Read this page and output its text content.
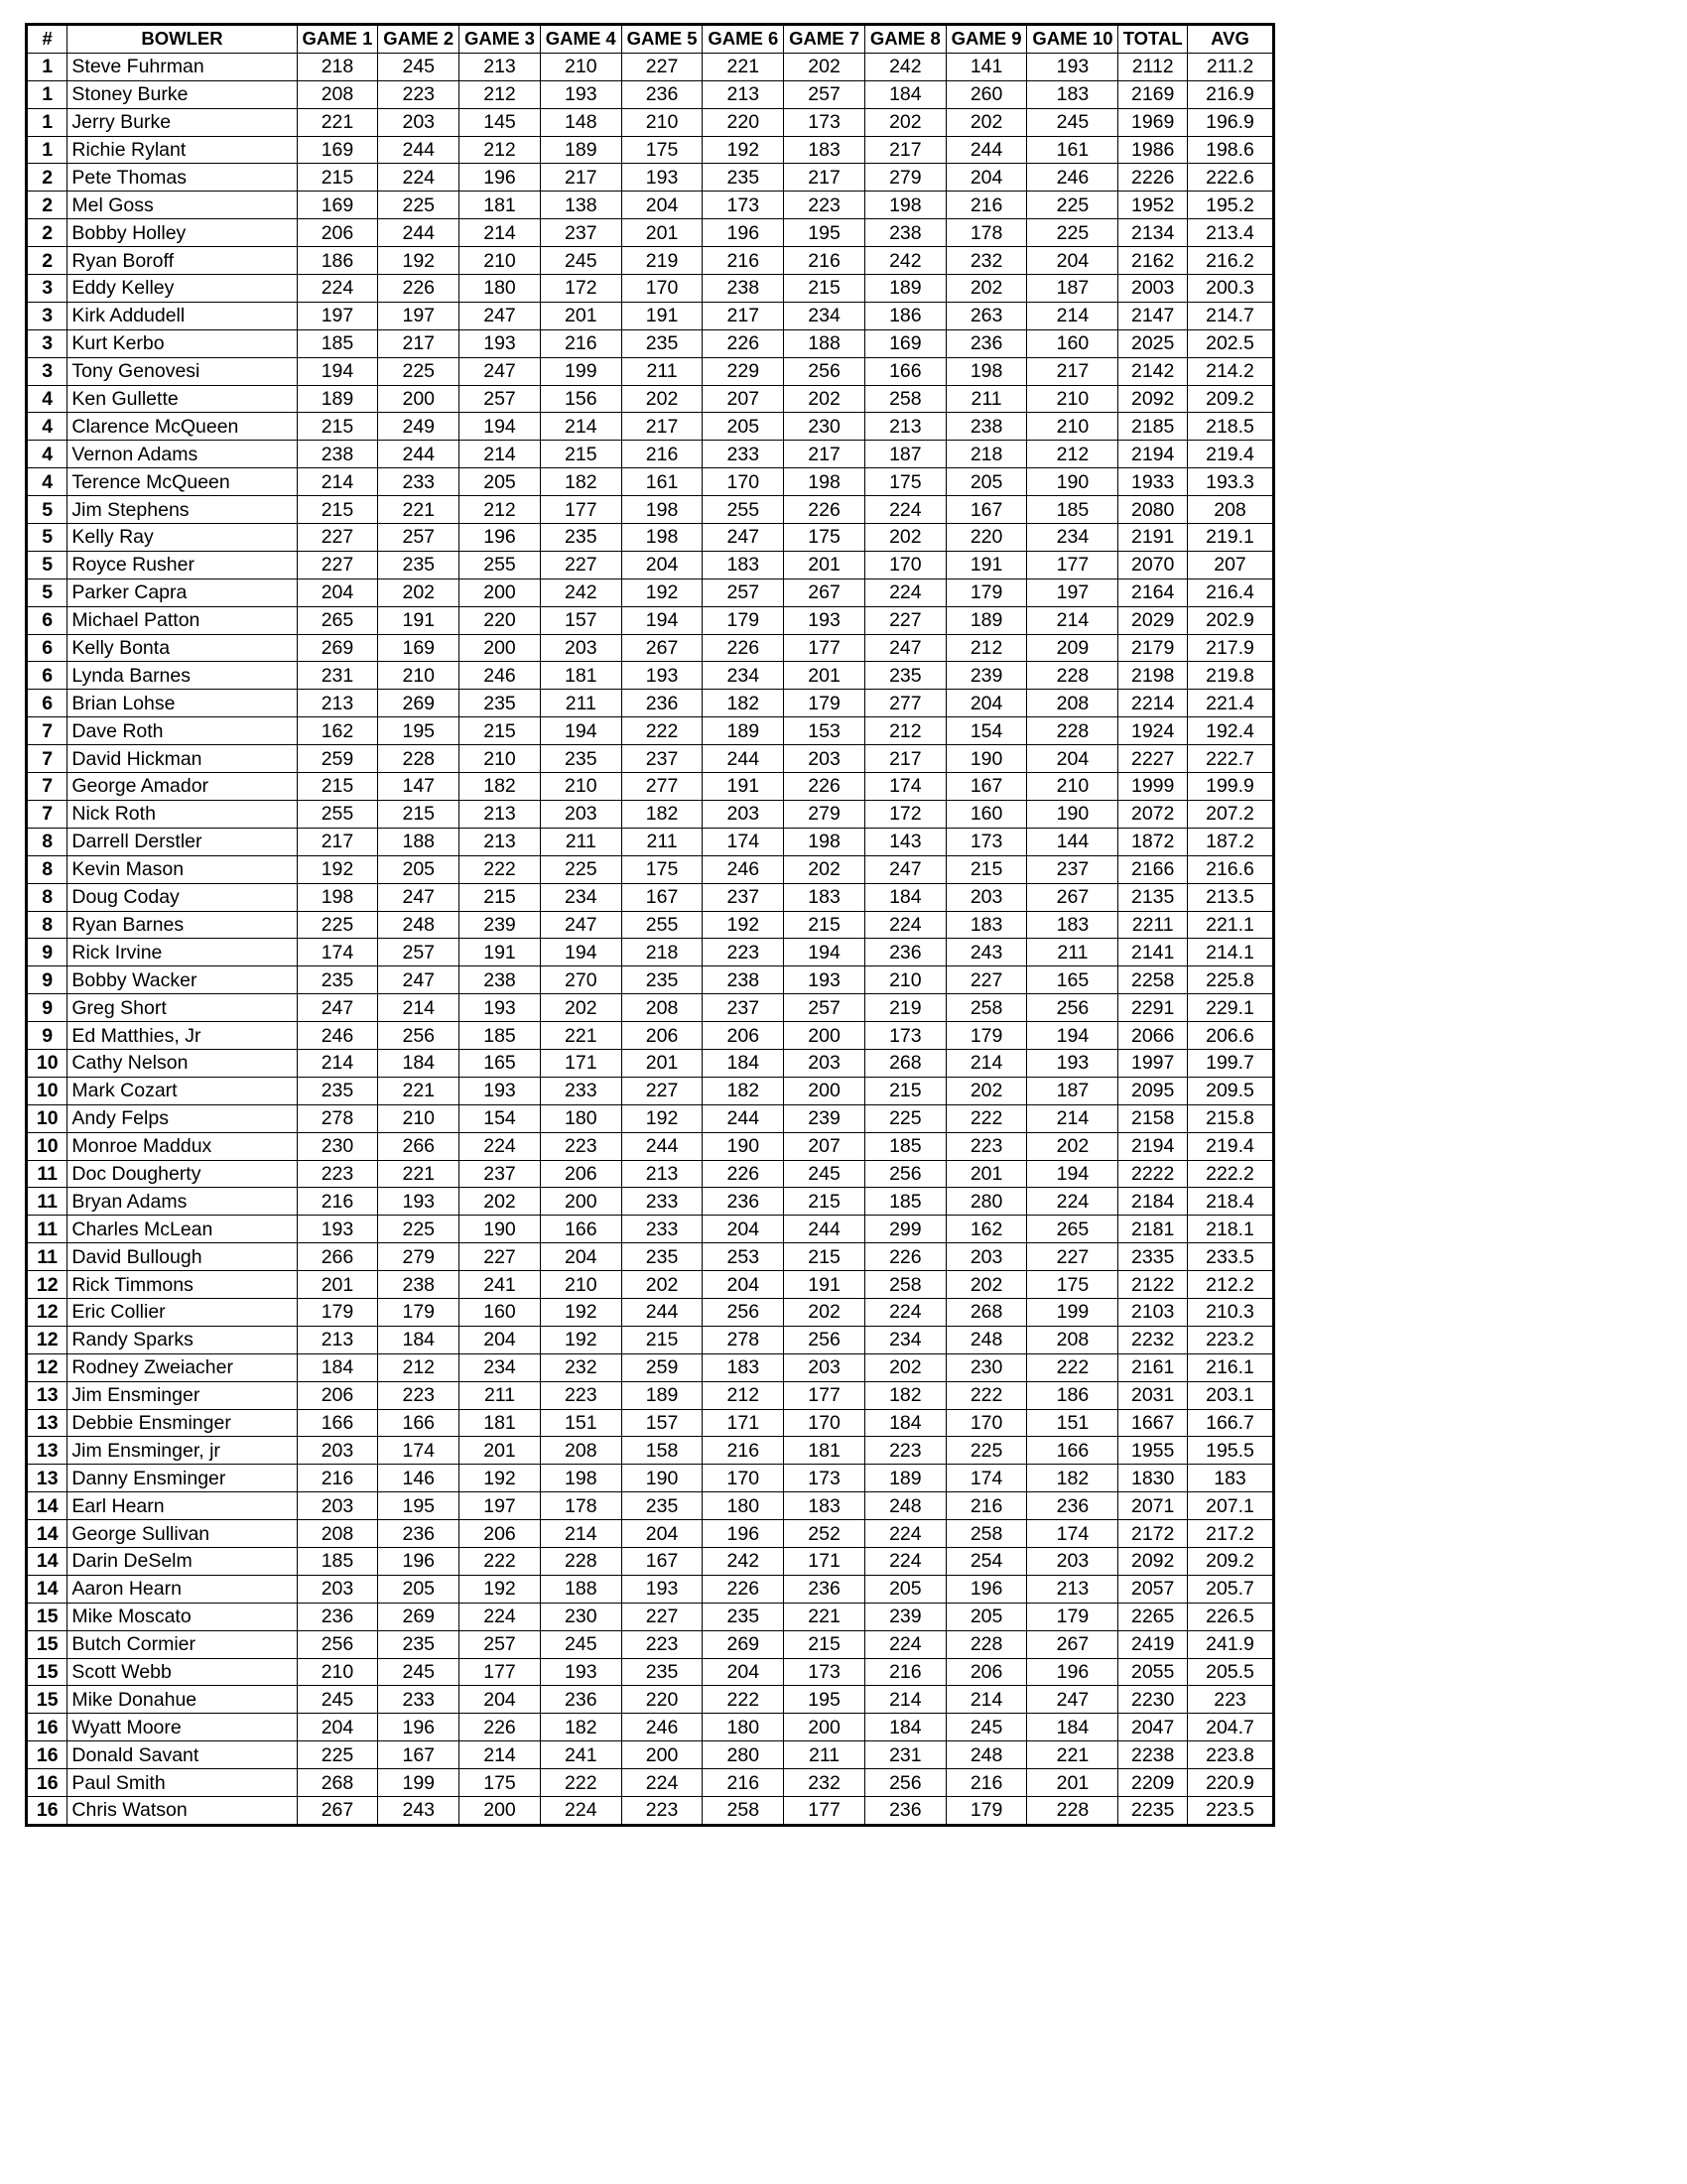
#	BOWLER	GAME 1	GAME 2	GAME 3	GAME 4	GAME 5	GAME 6	GAME 7	GAME 8	GAME 9	GAME 10	TOTAL	AVG
1	Steve Fuhrman	218	245	213	210	227	221	202	242	141	193	2112	211.2
1	Stoney Burke	208	223	212	193	236	213	257	184	260	183	2169	216.9
1	Jerry Burke	221	203	145	148	210	220	173	202	202	245	1969	196.9
1	Richie Rylant	169	244	212	189	175	192	183	217	244	161	1986	198.6
2	Pete Thomas	215	224	196	217	193	235	217	279	204	246	2226	222.6
2	Mel Goss	169	225	181	138	204	173	223	198	216	225	1952	195.2
2	Bobby Holley	206	244	214	237	201	196	195	238	178	225	2134	213.4
2	Ryan Boroff	186	192	210	245	219	216	216	242	232	204	2162	216.2
3	Eddy Kelley	224	226	180	172	170	238	215	189	202	187	2003	200.3
3	Kirk Addudell	197	197	247	201	191	217	234	186	263	214	2147	214.7
3	Kurt Kerbo	185	217	193	216	235	226	188	169	236	160	2025	202.5
3	Tony Genovesi	194	225	247	199	211	229	256	166	198	217	2142	214.2
4	Ken Gullette	189	200	257	156	202	207	202	258	211	210	2092	209.2
4	Clarence McQueen	215	249	194	214	217	205	230	213	238	210	2185	218.5
4	Vernon Adams	238	244	214	215	216	233	217	187	218	212	2194	219.4
4	Terence McQueen	214	233	205	182	161	170	198	175	205	190	1933	193.3
5	Jim Stephens	215	221	212	177	198	255	226	224	167	185	2080	208
5	Kelly Ray	227	257	196	235	198	247	175	202	220	234	2191	219.1
5	Royce Rusher	227	235	255	227	204	183	201	170	191	177	2070	207
5	Parker Capra	204	202	200	242	192	257	267	224	179	197	2164	216.4
6	Michael Patton	265	191	220	157	194	179	193	227	189	214	2029	202.9
6	Kelly Bonta	269	169	200	203	267	226	177	247	212	209	2179	217.9
6	Lynda Barnes	231	210	246	181	193	234	201	235	239	228	2198	219.8
6	Brian Lohse	213	269	235	211	236	182	179	277	204	208	2214	221.4
7	Dave Roth	162	195	215	194	222	189	153	212	154	228	1924	192.4
7	David Hickman	259	228	210	235	237	244	203	217	190	204	2227	222.7
7	George Amador	215	147	182	210	277	191	226	174	167	210	1999	199.9
7	Nick Roth	255	215	213	203	182	203	279	172	160	190	2072	207.2
8	Darrell Derstler	217	188	213	211	211	174	198	143	173	144	1872	187.2
8	Kevin Mason	192	205	222	225	175	246	202	247	215	237	2166	216.6
8	Doug Coday	198	247	215	234	167	237	183	184	203	267	2135	213.5
8	Ryan Barnes	225	248	239	247	255	192	215	224	183	183	2211	221.1
9	Rick Irvine	174	257	191	194	218	223	194	236	243	211	2141	214.1
9	Bobby Wacker	235	247	238	270	235	238	193	210	227	165	2258	225.8
9	Greg Short	247	214	193	202	208	237	257	219	258	256	2291	229.1
9	Ed Matthies, Jr	246	256	185	221	206	206	200	173	179	194	2066	206.6
10	Cathy Nelson	214	184	165	171	201	184	203	268	214	193	1997	199.7
10	Mark Cozart	235	221	193	233	227	182	200	215	202	187	2095	209.5
10	Andy Felps	278	210	154	180	192	244	239	225	222	214	2158	215.8
10	Monroe Maddux	230	266	224	223	244	190	207	185	223	202	2194	219.4
11	Doc Dougherty	223	221	237	206	213	226	245	256	201	194	2222	222.2
11	Bryan Adams	216	193	202	200	233	236	215	185	280	224	2184	218.4
11	Charles McLean	193	225	190	166	233	204	244	299	162	265	2181	218.1
11	David Bullough	266	279	227	204	235	253	215	226	203	227	2335	233.5
12	Rick Timmons	201	238	241	210	202	204	191	258	202	175	2122	212.2
12	Eric Collier	179	179	160	192	244	256	202	224	268	199	2103	210.3
12	Randy Sparks	213	184	204	192	215	278	256	234	248	208	2232	223.2
12	Rodney Zweiacher	184	212	234	232	259	183	203	202	230	222	2161	216.1
13	Jim Ensminger	206	223	211	223	189	212	177	182	222	186	2031	203.1
13	Debbie Ensminger	166	166	181	151	157	171	170	184	170	151	1667	166.7
13	Jim Ensminger, jr	203	174	201	208	158	216	181	223	225	166	1955	195.5
13	Danny Ensminger	216	146	192	198	190	170	173	189	174	182	1830	183
14	Earl Hearn	203	195	197	178	235	180	183	248	216	236	2071	207.1
14	George Sullivan	208	236	206	214	204	196	252	224	258	174	2172	217.2
14	Darin DeSelm	185	196	222	228	167	242	171	224	254	203	2092	209.2
14	Aaron Hearn	203	205	192	188	193	226	236	205	196	213	2057	205.7
15	Mike Moscato	236	269	224	230	227	235	221	239	205	179	2265	226.5
15	Butch Cormier	256	235	257	245	223	269	215	224	228	267	2419	241.9
15	Scott Webb	210	245	177	193	235	204	173	216	206	196	2055	205.5
15	Mike Donahue	245	233	204	236	220	222	195	214	214	247	2230	223
16	Wyatt Moore	204	196	226	182	246	180	200	184	245	184	2047	204.7
16	Donald Savant	225	167	214	241	200	280	211	231	248	221	2238	223.8
16	Paul Smith	268	199	175	222	224	216	232	256	216	201	2209	220.9
16	Chris Watson	267	243	200	224	223	258	177	236	179	228	2235	223.5
